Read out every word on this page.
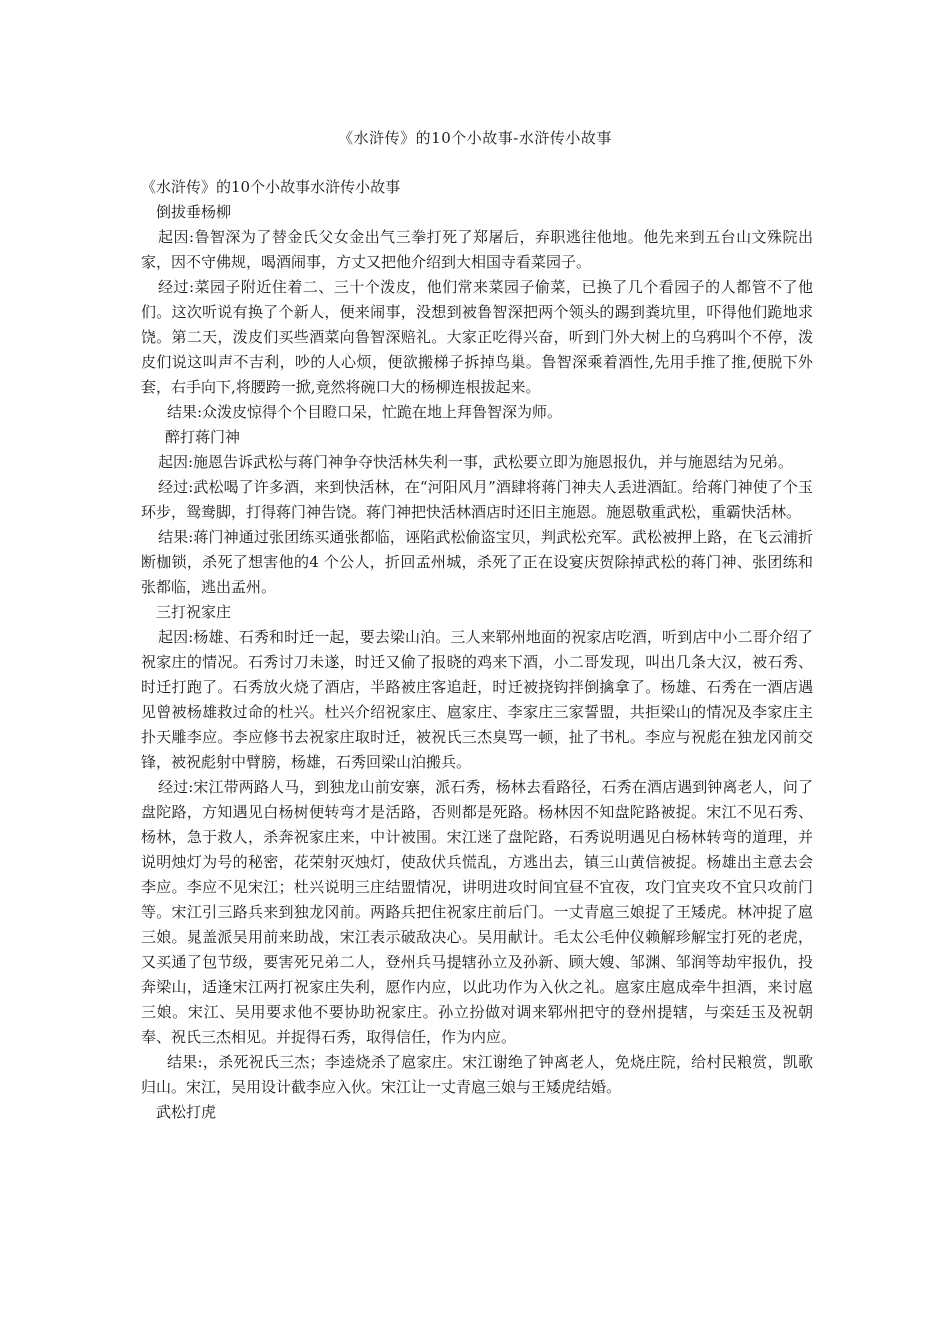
《水浒传》的10个小故事-水浒传小故事

《水浒传》的10个小故事水浒传小故事

倒拔垂杨柳

起因:鲁智深为了替金氏父女金出气三拳打死了郑屠后，弃职逃往他地。他先来到五台山文殊院出家，因不守佛规，喝酒闹事，方丈又把他介绍到大相国寺看菜园子。

经过:菜园子附近住着二、三十个泼皮，他们常来菜园子偷菜，已换了几个看园子的人都管不了他们。这次听说有换了个新人，便来闹事，没想到被鲁智深把两个领头的踢到粪坑里，吓得他们跪地求饶。第二天，泼皮们买些酒菜向鲁智深赔礼。大家正吃得兴奋，听到门外大树上的乌鸦叫个不停，泼皮们说这叫声不吉利，吵的人心烦，便欲搬梯子拆掉鸟巢。鲁智深乘着酒性,先用手推了推,便脱下外套，右手向下,将腰跨一掀,竟然将碗口大的杨柳连根拔起来。

结果:众泼皮惊得个个目瞪口呆，忙跪在地上拜鲁智深为师。

醉打蒋门神

起因:施恩告诉武松与蒋门神争夺快活林失利一事，武松要立即为施恩报仇，并与施恩结为兄弟。

经过:武松喝了许多酒，来到快活林，在“河阳风月”酒肆将蒋门神夫人丢进酒缸。给蒋门神使了个玉环步，鸳鸯脚，打得蒋门神告饶。蒋门神把快活林酒店时还旧主施恩。施恩敬重武松，重霸快活林。

结果:蒋门神通过张团练买通张都临，诬陷武松偷盗宝贝，判武松充军。武松被押上路，在飞云浦折断枷锁，杀死了想害他的4 个公人，折回孟州城，杀死了正在设宴庆贺除掉武松的蒋门神、张团练和张都临，逃出孟州。

三打祝家庄

起因:杨雄、石秀和时迁一起，要去梁山泊。三人来郓州地面的祝家店吃酒，听到店中小二哥介绍了祝家庄的情况。石秀讨刀未遂，时迁又偷了报晓的鸡来下酒，小二哥发现，叫出几条大汉，被石秀、时迁打跑了。石秀放火烧了酒店，半路被庄客追赶，时迁被挠钩拌倒擒拿了。杨雄、石秀在一酒店遇见曾被杨雄救过命的杜兴。杜兴介绍祝家庄、扈家庄、李家庄三家誓盟，共拒梁山的情况及李家庄主扑天雕李应。李应修书去祝家庄取时迁，被祝氏三杰臭骂一顿，扯了书札。李应与祝彪在独龙冈前交锋，被祝彪射中臂膀，杨雄，石秀回梁山泊搬兵。

经过:宋江带两路人马，到独龙山前安寨，派石秀，杨林去看路径，石秀在酒店遇到钟离老人，问了盘陀路，方知遇见白杨树便转弯才是活路，否则都是死路。杨林因不知盘陀路被捉。宋江不见石秀、杨林，急于救人，杀奔祝家庄来，中计被围。宋江迷了盘陀路，石秀说明遇见白杨林转弯的道理，并说明烛灯为号的秘密，花荣射灭烛灯，使敌伏兵慌乱，方逃出去，镇三山黄信被捉。杨雄出主意去会李应。李应不见宋江；杜兴说明三庄结盟情况，讲明进攻时间宜昼不宜夜，攻门宜夹攻不宜只攻前门等。宋江引三路兵来到独龙冈前。两路兵把住祝家庄前后门。一丈青扈三娘捉了王矮虎。林冲捉了扈三娘。晁盖派吴用前来助战，宋江表示破敌决心。吴用献计。毛太公毛仲仪赖解珍解宝打死的老虎，又买通了包节级，要害死兄弟二人，登州兵马提辖孙立及孙新、顾大嫂、邹渊、邹润等劫牢报仇，投奔梁山，适逢宋江两打祝家庄失利，愿作内应，以此功作为入伙之礼。扈家庄扈成牵牛担酒，来讨扈三娘。宋江、吴用要求他不要协助祝家庄。孙立扮做对调来郓州把守的登州提辖，与栾廷玉及祝朝奉、祝氏三杰相见。并捉得石秀，取得信任，作为内应。

结果:，杀死祝氏三杰；李逵烧杀了扈家庄。宋江谢绝了钟离老人，免烧庄院，给村民粮赏，凯歌归山。宋江，吴用设计截李应入伙。宋江让一丈青扈三娘与王矮虎结婚。

武松打虎
